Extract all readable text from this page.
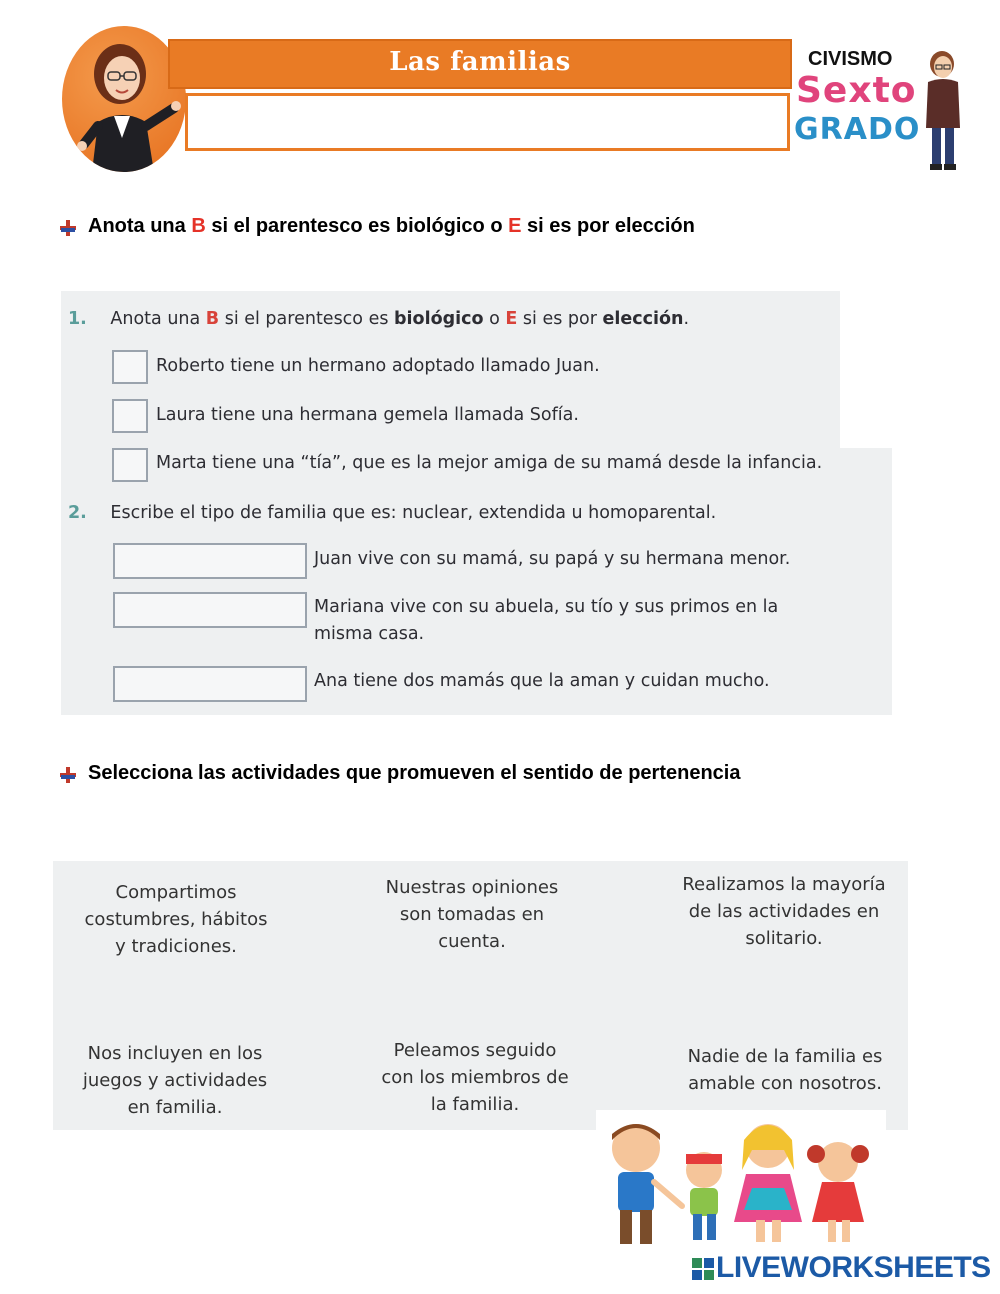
Las familias	CIVISMO
Sexto
GRADO
Anota una B si el parentesco es biológico o E si es por elección
1. Anota una B si el parentesco es biológico o E si es por elección.
Roberto tiene un hermano adoptado llamado Juan.
Laura tiene una hermana gemela llamada Sofía.
Marta tiene una “tía”, que es la mejor amiga de su mamá desde la infancia.
2. Escribe el tipo de familia que es: nuclear, extendida u homoparental.
Juan vive con su mamá, su papá y su hermana menor.
Mariana vive con su abuela, su tío y sus primos en la
misma casa.
Ana tiene dos mamás que la aman y cuidan mucho.
Selecciona las actividades que promueven el sentido de pertenencia
Compartimos
costumbres, hábitos
y tradiciones.
Nuestras opiniones
son tomadas en
cuenta.
Realizamos la mayoría
de las actividades en
solitario.
Nos incluyen en los
juegos y actividades
en familia.
Peleamos seguido
con los miembros de
la familia.
Nadie de la familia es
amable con nosotros.
LIVEWORKSHEETS
